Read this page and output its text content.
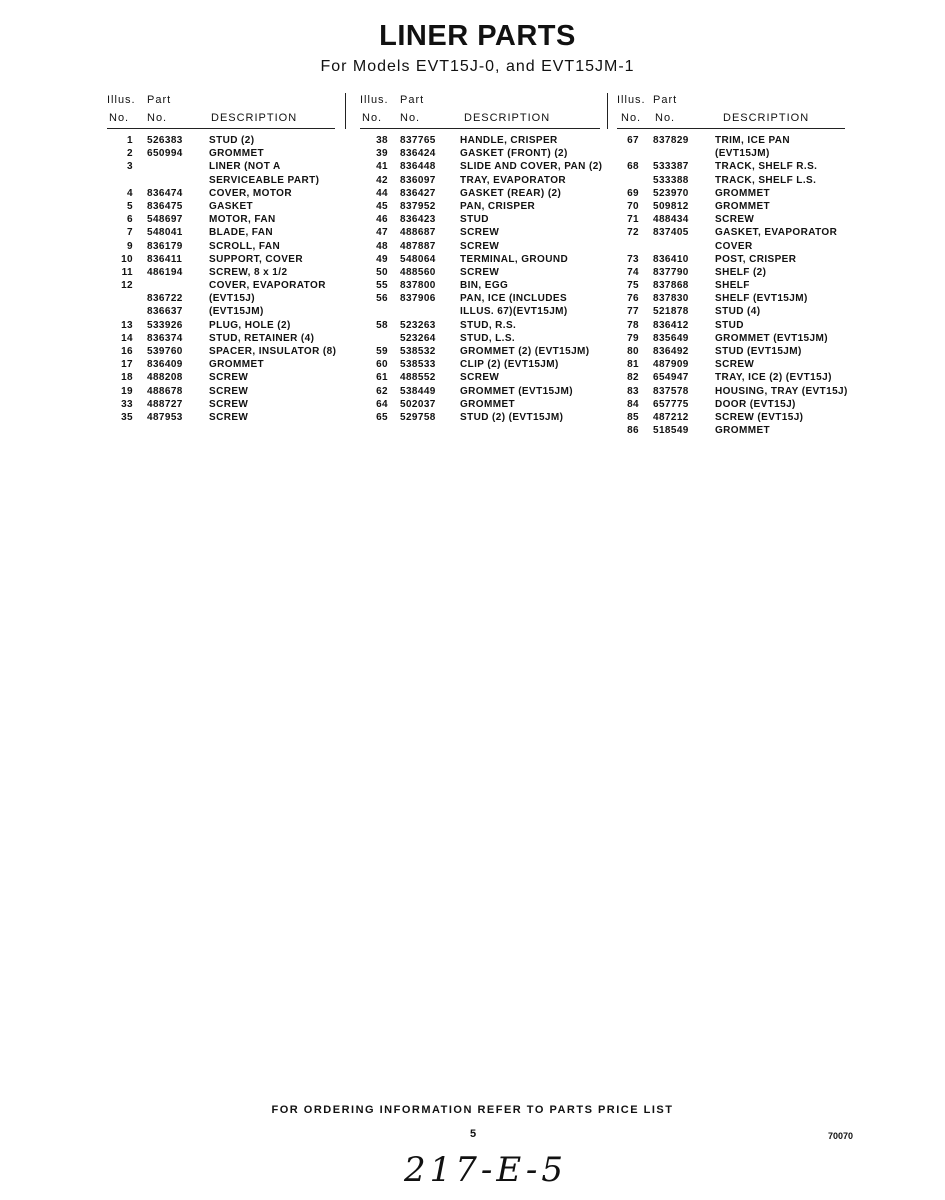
LINER PARTS
For Models EVT15J-0, and EVT15JM-1
Illus. Part
No. No.	DESCRIPTION
1 526383	STUD (2)
2 650994	GROMMET
3	LINER (NOT A
SERVICEABLE PART)
4 836474	COVER, MOTOR
5 836475	GASKET
6 548697	MOTOR, FAN
7 548041	BLADE, FAN
9 836179	SCROLL, FAN
10 836411	SUPPORT, COVER
11 486194	SCREW, 8 x 1/2
12	COVER, EVAPORATOR
836722	(EVT15J)
836637	(EVT15JM)
13 533926	PLUG, HOLE (2)
14 836374	STUD, RETAINER (4)
16 539760	SPACER, INSULATOR (8)
17 836409	GROMMET
18 488208	SCREW
19 488678	SCREW
33 488727	SCREW
35 487953	SCREW
Illus. Part
No. No.	DESCRIPTION
38 837765 HANDLE, CRISPER
39 836424 GASKET (FRONT) (2)
41 836448 SLIDE AND COVER, PAN (2)
42 836097 TRAY, EVAPORATOR
44 836427 GASKET (REAR) (2)
45 837952 PAN, CRISPER
46 836423 STUD
47 488687 SCREW
48 487887 SCREW
49 548064 TERMINAL, GROUND
50 488560 SCREW
55 837800 BIN, EGG
56 837906 PAN, ICE (INCLUDES
ILLUS. 67)(EVT15JM)
58 523263 STUD, R.S.
523264 STUD, L.S.
59 538532 GROMMET (2) (EVT15JM)
60 538533 CLIP (2) (EVT15JM)
61 488552 SCREW
62 538449 GROMMET (EVT15JM)
64 502037 GROMMET
65 529758 STUD (2) (EVT15JM)
Illus. Part
No. No.	DESCRIPTION
67 837829	TRIM, ICE PAN
(EVT15JM)
68 533387	TRACK, SHELF R.S.
533388	TRACK, SHELF L.S.
69 523970	GROMMET
70 509812	GROMMET
71 488434	SCREW
72 837405	GASKET, EVAPORATOR
COVER
73 836410	POST, CRISPER
74 837790	SHELF (2)
75 837868	SHELF
76 837830	SHELF (EVT15JM)
77 521878	STUD (4)
78 836412	STUD
79 835649	GROMMET (EVT15JM)
80 836492	STUD (EVT15JM)
81 487909	SCREW
82 654947	TRAY, ICE (2) (EVT15J)
83 837578	HOUSING, TRAY (EVT15J)
84 657775	DOOR (EVT15J)
85 487212	SCREW (EVT15J)
86 518549	GROMMET
FOR ORDERING INFORMATION REFER TO PARTS PRICE LIST
5	70070
217-E-5
